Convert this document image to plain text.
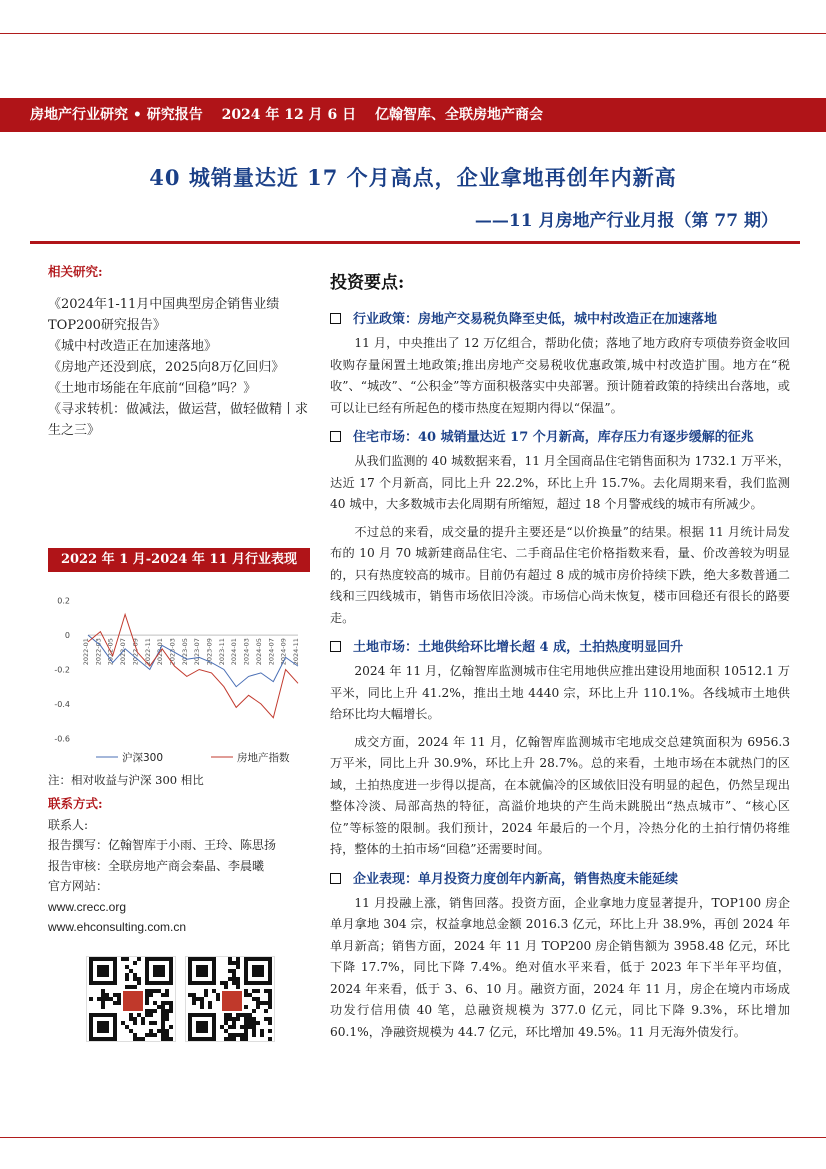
房地产行业研究 • 研究报告 2024 年 12 月 6 日 亿翰智库、全联房地产商会
40 城销量达近 17 个月高点，企业拿地再创年内新高
——11 月房地产行业月报（第 77 期）
相关研究:
《2024年1-11月中国典型房企销售业绩TOP200研究报告》
《城中村改造正在加速落地》
《房地产还没到底，2025向8万亿回归》
《土地市场能在年底前“回稳”吗？》
《寻求转机：做减法，做运营，做轻做精丨求生之三》
2022 年 1 月-2024 年 11 月行业表现
0.2
0
-0.2
-0.4
-0.6
2022-01 2022-03 2022-05 2022-07 2022-09 2022-11 2023-01 2023-03 2023-05 2023-07 2023-09 2023-11 2024-01 2024-03 2024-05 2024-07 2024-09 2024-11
沪深300	房地产指数
注：相对收益与沪深 300 相比
联系方式:
联系人:
报告撰写：亿翰智库于小雨、王玲、陈思扬
报告审核：全联房地产商会秦晶、李晨曦
官方网站：
www.crecc.org
www.ehconsulting.com.cn
投资要点:
行业政策：房地产交易税负降至史低，城中村改造正在加速落地

11 月，中央推出了 12 万亿组合，帮助化债；落地了地方政府专项债券资金收回收购存量闲置土地政策;推出房地产交易税收优惠政策,城中村改造扩围。地方在“税收”、“城改”、“公积金”等方面积极落实中央部署。预计随着政策的持续出台落地，或可以让已经有所起色的楼市热度在短期内得以“保温”。

住宅市场：40 城销量达近 17 个月新高，库存压力有逐步缓解的征兆

从我们监测的 40 城数据来看，11 月全国商品住宅销售面积为 1732.1 万平米，达近 17 个月新高，同比上升 22.2%，环比上升 15.7%。去化周期来看，我们监测 40 城中，大多数城市去化周期有所缩短，超过 18 个月警戒线的城市有所减少。

不过总的来看，成交量的提升主要还是“以价换量”的结果。根据 11 月统计局发布的 10 月 70 城新建商品住宅、二手商品住宅价格指数来看，量、价改善较为明显的，只有热度较高的城市。目前仍有超过 8 成的城市房价持续下跌，绝大多数普通二线和三四线城市，销售市场依旧冷淡。市场信心尚未恢复，楼市回稳还有很长的路要走。

土地市场：土地供给环比增长超 4 成，土拍热度明显回升

2024 年 11 月，亿翰智库监测城市住宅用地供应推出建设用地面积 10512.1 万平米，同比上升 41.2%，推出土地 4440 宗，环比上升 110.1%。各线城市土地供给环比均大幅增长。

成交方面，2024 年 11 月，亿翰智库监测城市宅地成交总建筑面积为 6956.3 万平米，同比上升 30.9%，环比上升 28.7%。总的来看，土地市场在本就热门的区域，土拍热度进一步得以提高，在本就偏冷的区域依旧没有明显的起色，仍然呈现出整体冷淡、局部高热的特征，高溢价地块的产生尚未跳脱出“热点城市”、“核心区位”等标签的限制。我们预计，2024 年最后的一个月，冷热分化的土拍行情仍将维持，整体的土拍市场“回稳”还需要时间。

企业表现：单月投资力度创年内新高，销售热度未能延续

11 月投融上涨，销售回落。投资方面，企业拿地力度显著提升，TOP100 房企单月拿地 304 宗，权益拿地总金额 2016.3 亿元，环比上升 38.9%，再创 2024 年单月新高；销售方面，2024 年 11 月 TOP200 房企销售额为 3958.48 亿元，环比下降 17.7%，同比下降 7.4%。绝对值水平来看，低于 2023 年下半年平均值，2024 年来看，低于 3、6、10 月。融资方面，2024 年 11 月，房企在境内市场成功发行信用债 40 笔，总融资规模为 377.0 亿元，同比下降 9.3%，环比增加 60.1%，净融资规模为 44.7 亿元，环比增加 49.5%。11 月无海外债发行。
